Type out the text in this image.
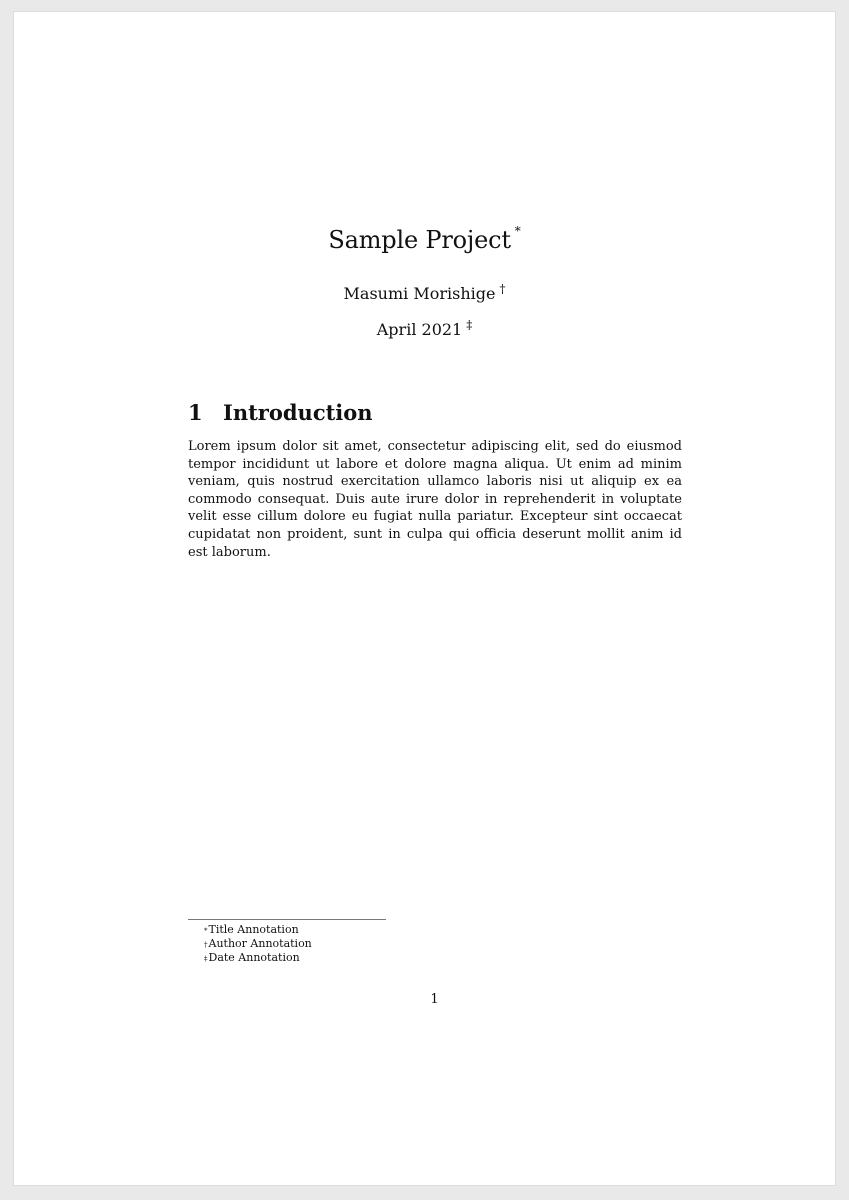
Sample Project *
Masumi Morishige †
April 2021 ‡
1 Introduction
Lorem ipsum dolor sit amet, consectetur adipiscing elit, sed do eiusmod tempor incididunt ut labore et dolore magna aliqua. Ut enim ad minim veniam, quis nostrud exercitation ullamco laboris nisi ut aliquip ex ea commodo consequat. Duis aute irure dolor in reprehenderit in voluptate velit esse cillum dolore eu fugiat nulla pariatur. Excepteur sint occaecat cupidatat non proident, sunt in culpa qui officia deserunt mollit anim id est laborum.
*Title Annotation
†Author Annotation
‡Date Annotation
1
